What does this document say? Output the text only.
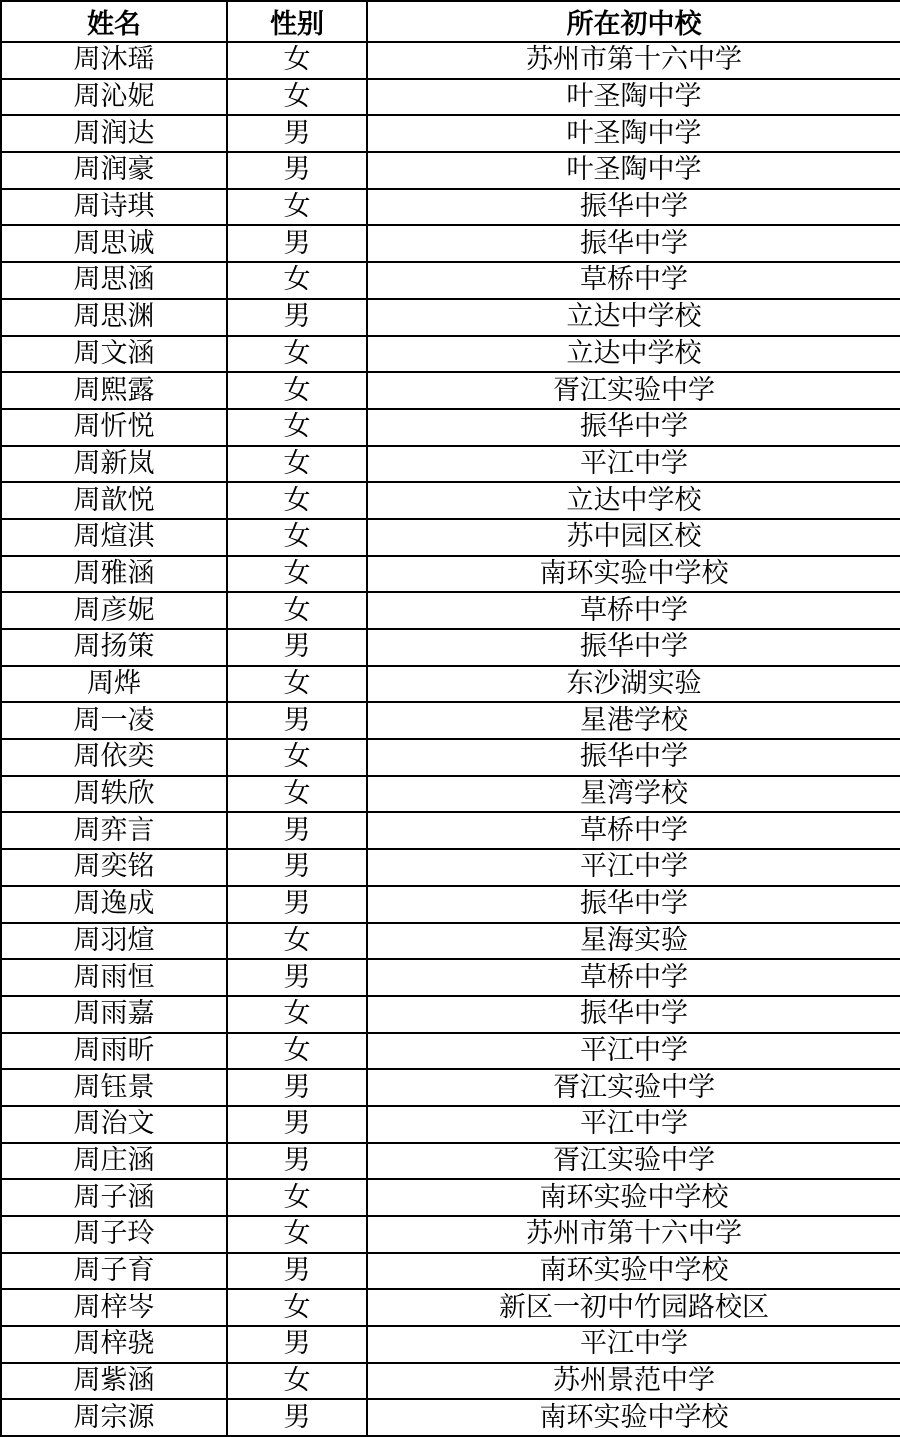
姓名	性别	所在初中校
周沐瑶	女	苏州市第十六中学
周沁妮	女	叶圣陶中学
周润达	男	叶圣陶中学
周润豪	男	叶圣陶中学
周诗琪	女	振华中学
周思诚	男	振华中学
周思涵	女	草桥中学
周思渊	男	立达中学校
周文涵	女	立达中学校
周熙露	女	胥江实验中学
周忻悦	女	振华中学
周新岚	女	平江中学
周歆悦	女	立达中学校
周煊淇	女	苏中园区校
周雅涵	女	南环实验中学校
周彦妮	女	草桥中学
周扬策	男	振华中学
周烨	女	东沙湖实验
周一凌	男	星港学校
周依奕	女	振华中学
周轶欣	女	星湾学校
周弈言	男	草桥中学
周奕铭	男	平江中学
周逸成	男	振华中学
周羽煊	女	星海实验
周雨恒	男	草桥中学
周雨嘉	女	振华中学
周雨昕	女	平江中学
周钰景	男	胥江实验中学
周治文	男	平江中学
周庄涵	男	胥江实验中学
周子涵	女	南环实验中学校
周子玲	女	苏州市第十六中学
周子育	男	南环实验中学校
周梓岑	女	新区一初中竹园路校区
周梓骁	男	平江中学
周紫涵	女	苏州景范中学
周宗源	男	南环实验中学校
